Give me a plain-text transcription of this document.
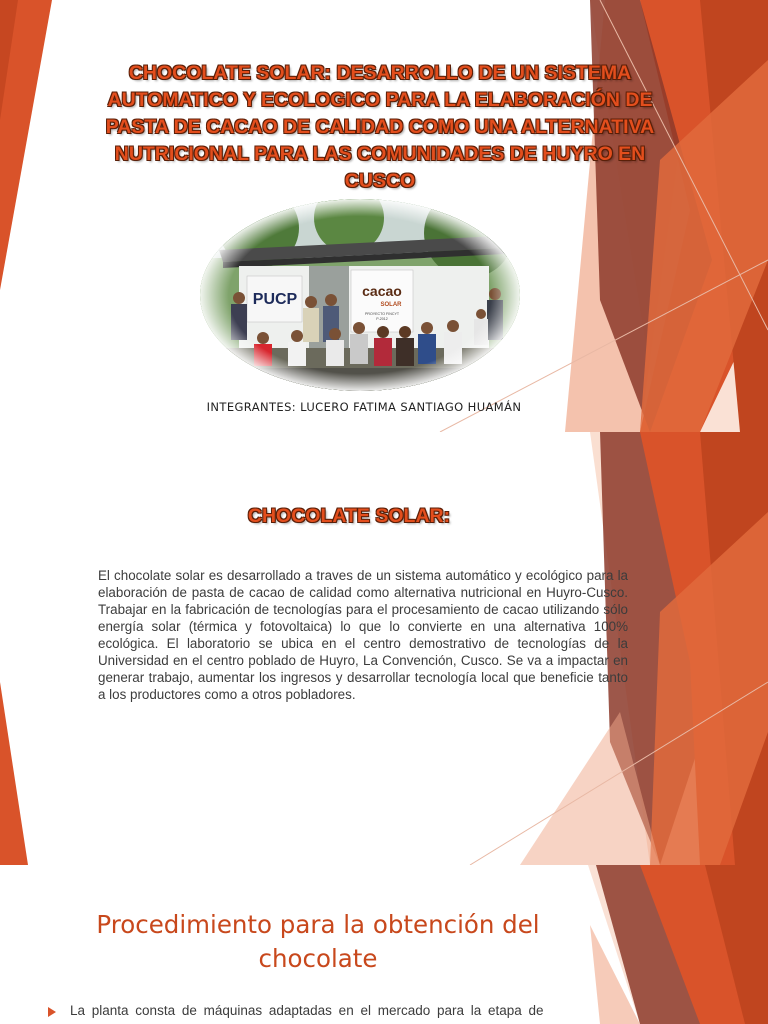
CHOCOLATE SOLAR: DESARROLLO DE UN SISTEMA AUTOMATICO Y ECOLOGICO PARA LA ELABORACIÓN DE PASTA DE CACAO DE CALIDAD COMO UNA ALTERNATIVA NUTRICIONAL PARA LAS COMUNIDADES DE HUYRO EN CUSCO
INTEGRANTES: LUCERO FATIMA SANTIAGO HUAMÁN
CHOCOLATE SOLAR:
El chocolate solar es desarrollado a traves de un sistema automático y ecológico para la elaboración de pasta de cacao de calidad como alternativa nutricional en Huyro-Cusco. Trabajar en la fabricación de tecnologías para el procesamiento de cacao utilizando sólo energía solar (térmica y fotovoltaica) lo que lo convierte en una alternativa 100% ecológica. El laboratorio se ubica en el centro demostrativo de tecnologías de la Universidad en el centro poblado de Huyro, La Convención, Cusco. Se va a impactar en generar trabajo, aumentar los ingresos y desarrollar tecnología local que beneficie tanto a los productores como a otros pobladores.
Procedimiento para la obtención del chocolate
La planta consta de máquinas adaptadas en el mercado para la etapa de
